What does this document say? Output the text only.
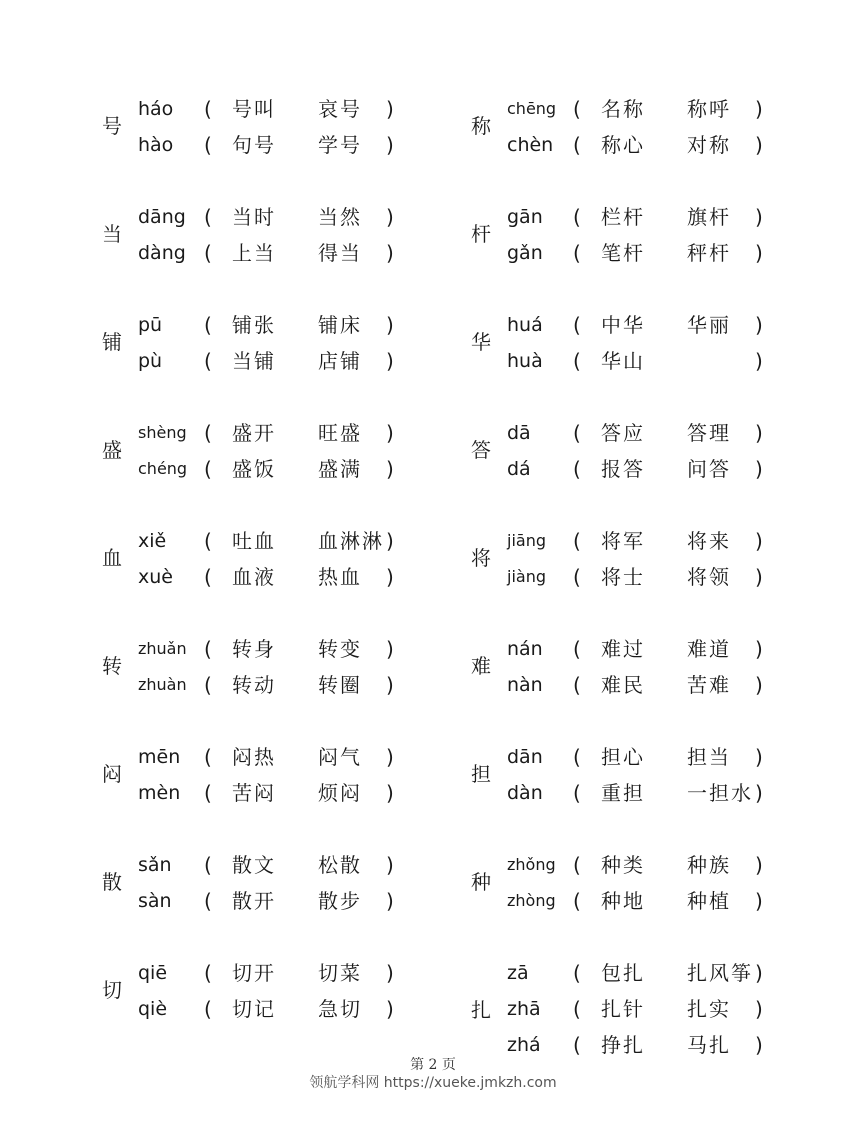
号
háo ( 号叫 哀号 )
hào ( 句号 学号 )
称
chēng ( 名称 称呼 )
chèn ( 称心 对称 )
当
dāng ( 当时 当然 )
dàng ( 上当 得当 )
杆
gān ( 栏杆 旗杆 )
gǎn ( 笔杆 秤杆 )
铺
pū ( 铺张 铺床 )
pù ( 当铺 店铺 )
华
huá ( 中华 华丽 )
huà ( 华山	)
盛
shèng ( 盛开 旺盛 )
chéng ( 盛饭 盛满 )
答
dā ( 答应 答理 )
dá ( 报答 问答 )
血
xiě ( 吐血 血淋淋 )
xuè ( 血液 热血 )
将
jiāng ( 将军 将来 )
jiàng ( 将士 将领 )
转
zhuǎn ( 转身 转变 )
zhuàn ( 转动 转圈 )
难
nán ( 难过 难道 )
nàn ( 难民 苦难 )
闷
mēn ( 闷热 闷气 )
mèn ( 苦闷 烦闷 )
担
dān ( 担心 担当 )
dàn ( 重担 一担水 )
散
sǎn ( 散文 松散 )
sàn ( 散开 散步 )
种
zhǒng ( 种类 种族 )
zhòng ( 种地 种植 )
切
qiē ( 切开 切菜 )
qiè ( 切记 急切 )	扎
zā ( 包扎 扎风筝 )
zhā ( 扎针 扎实 )
zhá ( 挣扎 马扎 )
第 2 页
领航学科网 https://xueke.jmkzh.com
